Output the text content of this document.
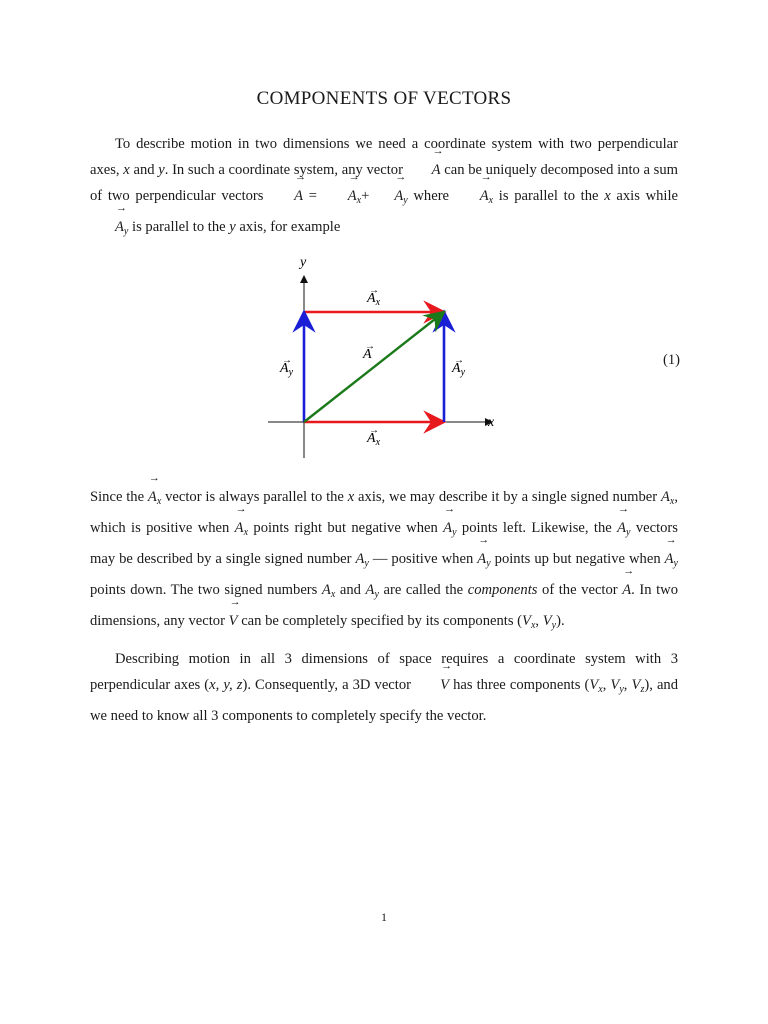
COMPONENTS OF VECTORS
To describe motion in two dimensions we need a coordinate system with two perpendicular axes, x and y. In such a coordinate system, any vector → A can be uniquely decomposed into a sum of two perpendicular vectors → A = → $A_x+\to A_y$ where → $A_x$ is parallel to the x axis while → $A_y$ is parallel to the y axis, for example
x
y
$A_x$
→
$A_x$
→
$A_y$
→
$A_y$
→
A
→
(1)
Since the → $A_x$ vector is always parallel to the x axis, we may describe it by a single signed number $A_x$, which is positive when → $A_x$ points right but negative when → $A_y$ points left. Likewise, the → $A_y$ vectors may be described by a single signed number $A_y$ — positive when → $A_y$ points up but negative when → $A_y$ points down. The two signed numbers $A_x$ and $A_y$ are called the components of the vector → A. In two dimensions, any vector → V can be completely specified by its components ($V_x$, $V_y$).
Describing motion in all 3 dimensions of space requires a coordinate system with 3 perpendicular axes (x, y, z). Consequently, a 3D vector → V has three components ($V_x$, $V_y$, $V_z$), and we need to know all 3 components to completely specify the vector.
1
